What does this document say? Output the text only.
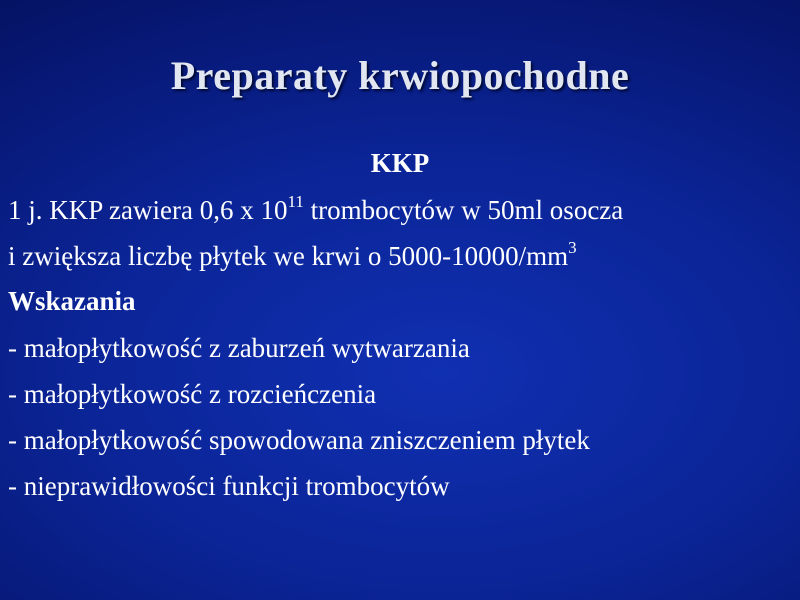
Preparaty krwiopochodne
KKP
1 j. KKP zawiera 0,6 x $10^{11}$ trombocytów w 50ml osocza
i zwiększa liczbę płytek we krwi o $5000-10000/mm^3$
Wskazania
- małopłytkowość z zaburzeń wytwarzania
- małopłytkowość z rozcieńczenia
- małopłytkowość spowodowana zniszczeniem płytek
- nieprawidłowości funkcji trombocytów
